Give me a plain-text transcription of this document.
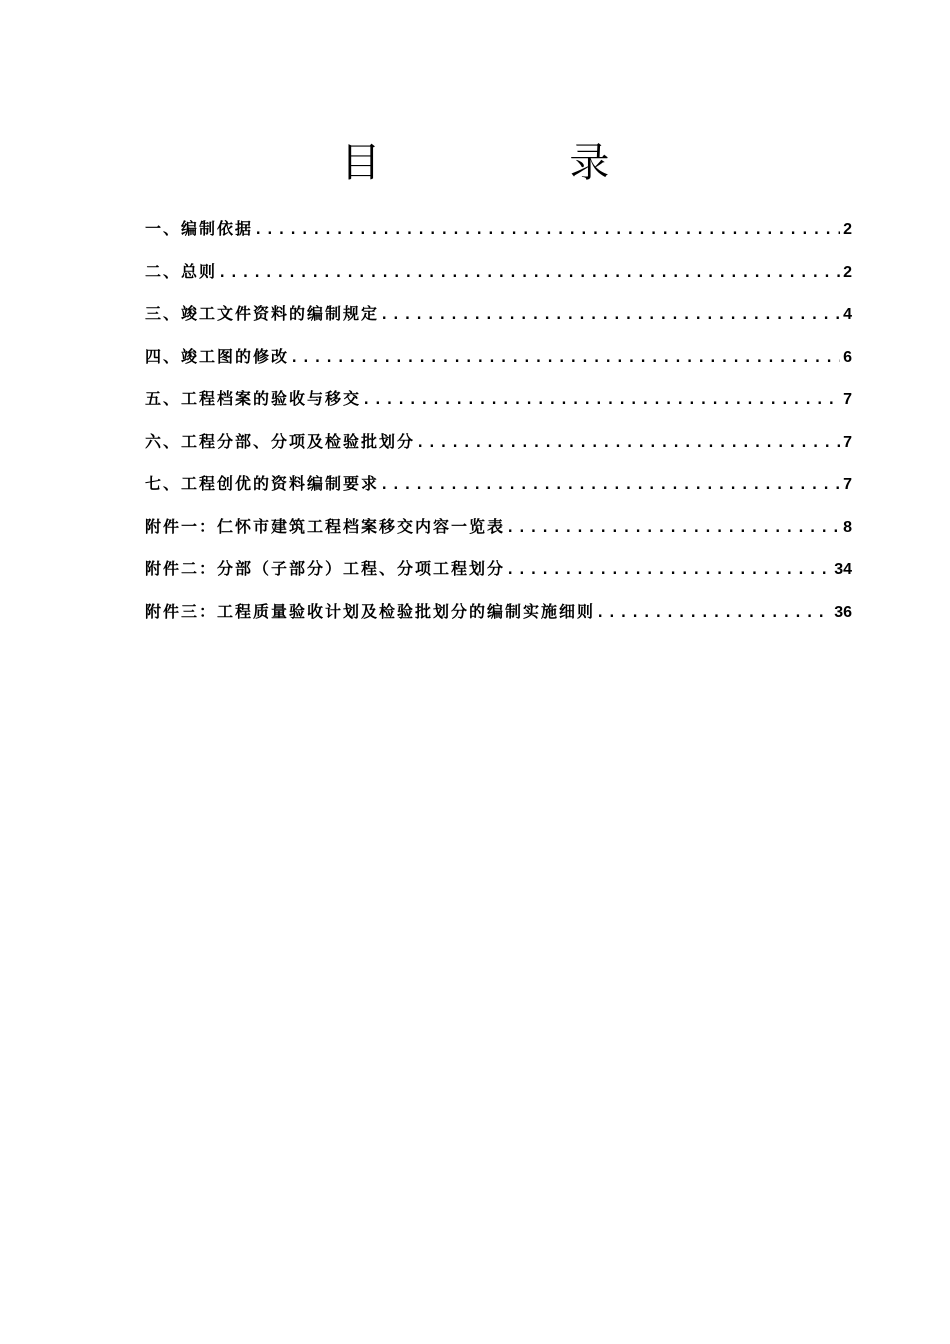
目 录
一、编制依据 .....	2
二、总则 .....	2
三、竣工文件资料的编制规定 .....	4
四、竣工图的修改 .....	6
五、工程档案的验收与移交 .....	7
六、工程分部、分项及检验批划分 .....	7
七、工程创优的资料编制要求 .....	7
附件一：仁怀市建筑工程档案移交内容一览表 .....	8
附件二：分部（子部分）工程、分项工程划分 .....	34
附件三：工程质量验收计划及检验批划分的编制实施细则 .....	36
